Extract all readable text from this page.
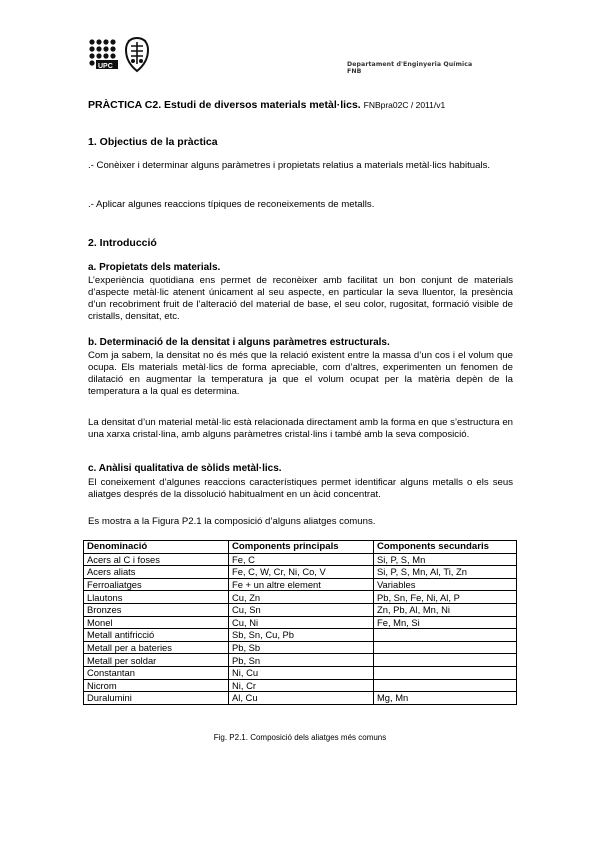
UPC	Departament d'Enginyeria Química
FNB
PRÀCTICA C2. Estudi de diversos materials metàl·lics. FNBpra02C / 2011/v1
1. Objectius de la pràctica
.- Conèixer i determinar alguns paràmetres i propietats relatius a materials metàl·lics habituals.
.- Aplicar algunes reaccions típiques de reconeixements de metalls.
2. Introducció
a. Propietats dels materials.
L’experiència quotidiana ens permet de reconèixer amb facilitat un bon conjunt de materials d’aspecte metàl·lic atenent únicament al seu aspecte, en particular la seva lluentor, la presència d’un recobriment fruit de l’alteració del material de base, el seu color, rugositat, formació visible de cristalls, densitat, etc.
b. Determinació de la densitat i alguns paràmetres estructurals.
Com ja sabem, la densitat no és més que la relació existent entre la massa d’un cos i el volum que ocupa. Els materials metàl·lics de forma apreciable, com d’altres, experimenten un fenomen de dilatació en augmentar la temperatura ja que el volum ocupat per la matèria depèn de la temperatura a la qual es determina.
La densitat d’un material metàl·lic està relacionada directament amb la forma en que s’estructura en una xarxa cristal·lina, amb alguns paràmetres cristal·lins i també amb la seva composició.
c. Anàlisi qualitativa de sòlids metàl·lics.
El coneixement d’algunes reaccions característiques permet identificar alguns metalls o els seus aliatges després de la dissolució habitualment en un àcid concentrat.
Es mostra a la Figura P2.1 la composició d’alguns aliatges comuns.
Denominació	Components principals	Components secundaris
Acers al C i foses	Fe, C	Si, P, S, Mn
Acers aliats	Fe, C, W, Cr, Ni, Co, V	Si, P, S, Mn, Al, Ti, Zn
Ferroaliatges	Fe + un altre element	Variables
Llautons	Cu, Zn	Pb, Sn, Fe, Ni, Al, P
Bronzes	Cu, Sn	Zn, Pb, Al, Mn, Ni
Monel	Cu, Ni	Fe, Mn, Si
Metall antifricció	Sb, Sn, Cu, Pb	
Metall per a bateries	Pb, Sb	
Metall per soldar	Pb, Sn	
Constantan	Ni, Cu	
Nicrom	Ni, Cr	
Duralumini	Al, Cu	Mg, Mn
Fig. P2.1. Composició dels aliatges més comuns
